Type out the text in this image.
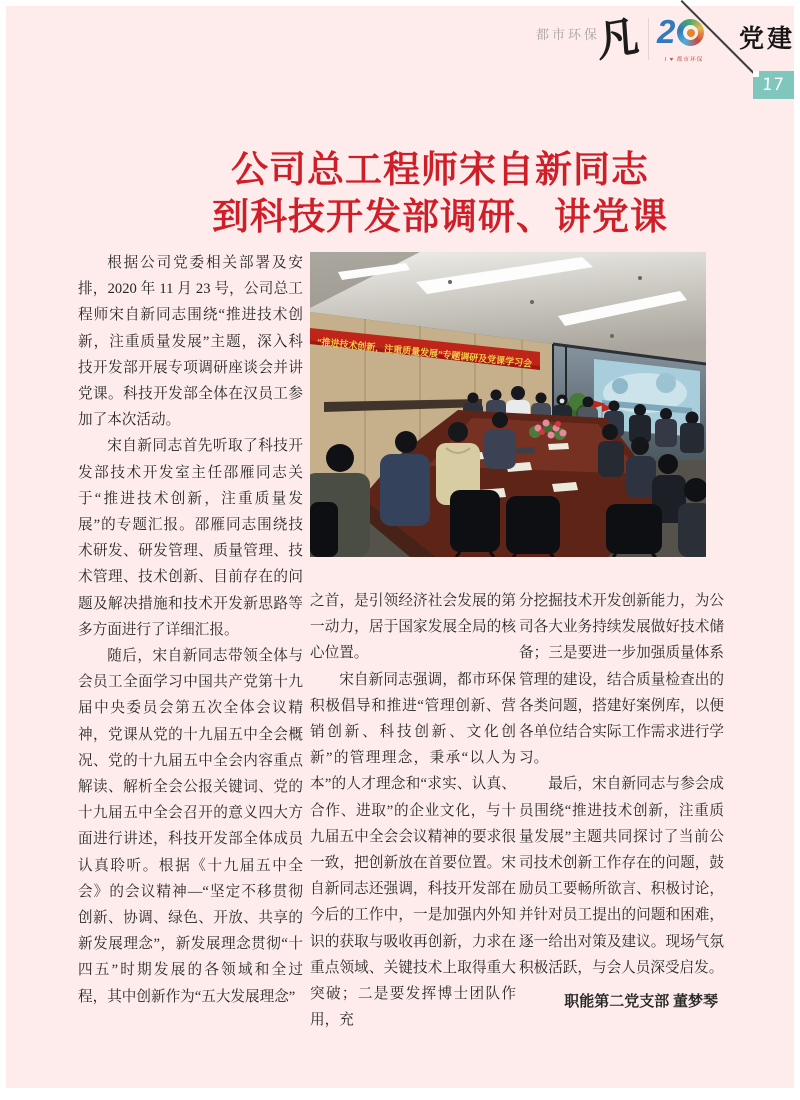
都市环保
凡 2
I ♥ 都市环保
党建
17
公司总工程师宋自新同志
到科技开发部调研、讲党课
“推进技术创新，注重质量发展”专题调研及党课学习会

根据公司党委相关部署及安排，2020 年 11 月 23 号，公司总工程师宋自新同志围绕“推进技术创新，注重质量发展”主题，深入科技开发部开展专项调研座谈会并讲党课。科技开发部全体在汉员工参加了本次活动。

宋自新同志首先听取了科技开发部技术开发室主任邵雁同志关于“推进技术创新，注重质量发展”的专题汇报。邵雁同志围绕技术研发、研发管理、质量管理、技术管理、技术创新、目前存在的问题及解决措施和技术开发新思路等多方面进行了详细汇报。

随后，宋自新同志带领全体与会员工全面学习中国共产党第十九届中央委员会第五次全体会议精神，党课从党的十九届五中全会概况、党的十九届五中全会内容重点解读、解析全会公报关键词、党的十九届五中全会召开的意义四大方面进行讲述，科技开发部全体成员认真聆听。根据《十九届五中全会》的会议精神—“坚定不移贯彻创新、协调、绿色、开放、共享的新发展理念”，新发展理念贯彻“十四五”时期发展的各领域和全过程，其中创新作为“五大发展理念”

之首，是引领经济社会发展的第一动力，居于国家发展全局的核心位置。

宋自新同志强调，都市环保积极倡导和推进“管理创新、营销创新、科技创新、文化创新”的管理理念，秉承“以人为本”的人才理念和“求实、认真、合作、进取”的企业文化，与十九届五中全会会议精神的要求很一致，把创新放在首要位置。宋自新同志还强调，科技开发部在今后的工作中，一是加强内外知识的获取与吸收再创新，力求在重点领域、关键技术上取得重大突破；二是要发挥博士团队作用，充

分挖掘技术开发创新能力，为公司各大业务持续发展做好技术储备；三是要进一步加强质量体系管理的建设，结合质量检查出的各类问题，搭建好案例库，以便各单位结合实际工作需求进行学习。

最后，宋自新同志与参会成员围绕“推进技术创新，注重质量发展”主题共同探讨了当前公司技术创新工作存在的问题，鼓励员工要畅所欲言、积极讨论，并针对员工提出的问题和困难，逐一给出对策及建议。现场气氛积极活跃，与会人员深受启发。

职能第二党支部 董梦琴
